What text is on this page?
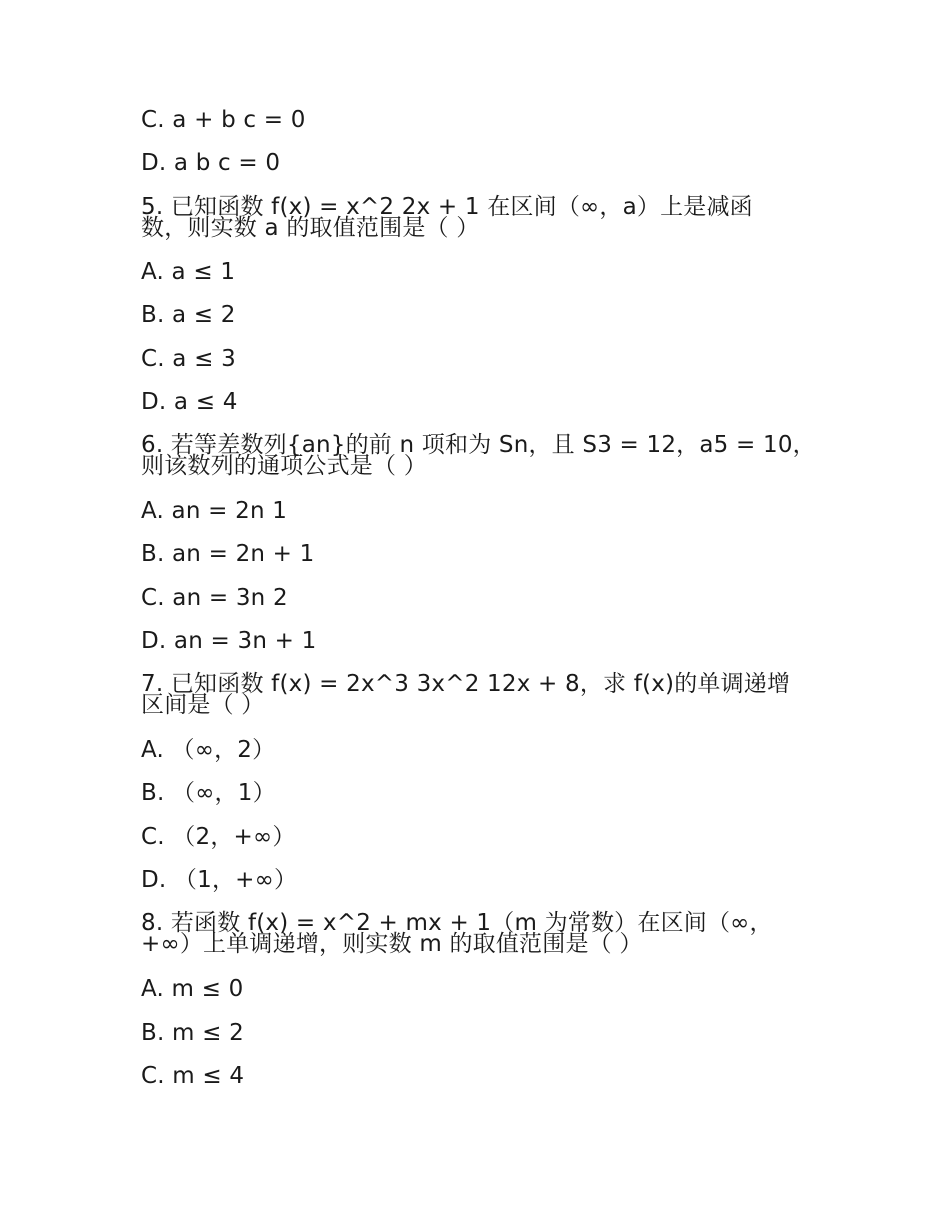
C. a + b c = 0
D. a b c = 0
5. 已知函数 f(x) = x^2 2x + 1 在区间（∞，a）上是减函
数，则实数 a 的取值范围是（ ）
A. a ≤ 1
B. a ≤ 2
C. a ≤ 3
D. a ≤ 4
6. 若等差数列{an}的前 n 项和为 Sn，且 S3 = 12，a5 = 10，
则该数列的通项公式是（ ）
A. an = 2n 1
B. an = 2n + 1
C. an = 3n 2
D. an = 3n + 1
7. 已知函数 f(x) = 2x^3 3x^2 12x + 8，求 f(x)的单调递增
区间是（ ）
A. （∞，2）
B. （∞，1）
C. （2，+∞）
D. （1，+∞）
8. 若函数 f(x) = x^2 + mx + 1（m 为常数）在区间（∞，
+∞）上单调递增，则实数 m 的取值范围是（ ）
A. m ≤ 0
B. m ≤ 2
C. m ≤ 4
